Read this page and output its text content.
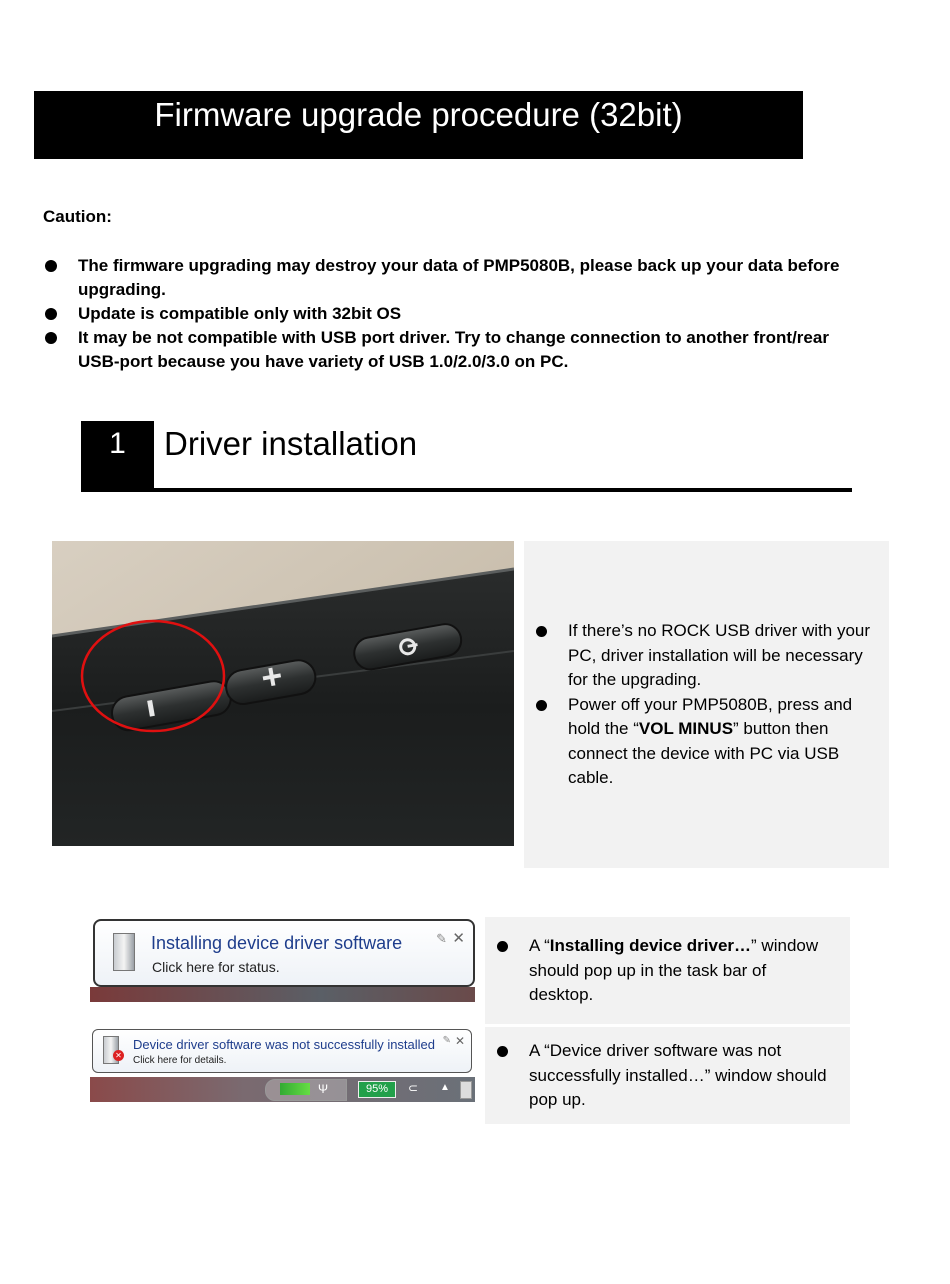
Firmware upgrade procedure (32bit)
Caution:
The firmware upgrading may destroy your data of PMP5080B, please back up your data before upgrading.
Update is compatible only with 32bit OS
It may be not compatible with USB port driver. Try to change connection to another front/rear USB-port because you have variety of USB 1.0/2.0/3.0 on PC.
1	Driver installation
If there’s no ROCK USB driver with your PC, driver installation will be necessary for the upgrading.
Power off your PMP5080B, press and hold the “VOL MINUS” button then connect the device with PC via USB cable.
Installing device driver software
Click here for status.
✎ ✕	A “Installing device driver…” window should pop up in the task bar of desktop.
Ψ	95%	⊂ ▲
✕
Device driver software was not successfully installed
Click here for details.
✎ ✕	A “Device driver software was not successfully installed…” window should pop up.
